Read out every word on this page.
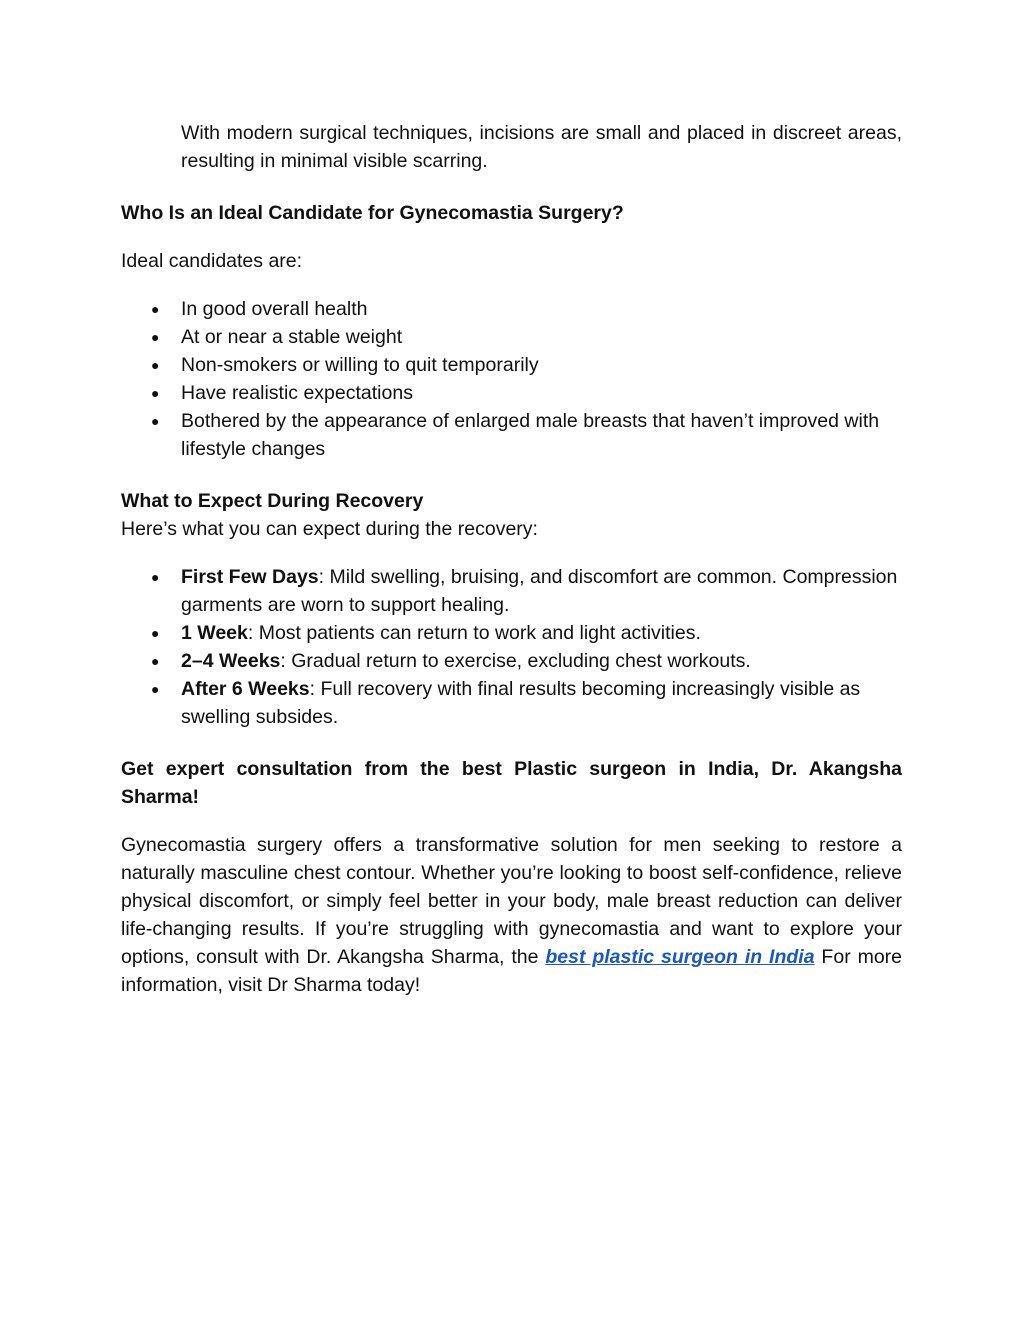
With modern surgical techniques, incisions are small and placed in discreet areas, resulting in minimal visible scarring.

Who Is an Ideal Candidate for Gynecomastia Surgery?

Ideal candidates are:

● In good overall health
● At or near a stable weight
● Non-smokers or willing to quit temporarily
● Have realistic expectations
● Bothered by the appearance of enlarged male breasts that haven’t improved with lifestyle changes

What to Expect During Recovery

Here’s what you can expect during the recovery:

● First Few Days: Mild swelling, bruising, and discomfort are common. Compression garments are worn to support healing.
● 1 Week: Most patients can return to work and light activities.
● 2–4 Weeks: Gradual return to exercise, excluding chest workouts.
● After 6 Weeks: Full recovery with final results becoming increasingly visible as swelling subsides.

Get expert consultation from the best Plastic surgeon in India, Dr. Akangsha Sharma!

Gynecomastia surgery offers a transformative solution for men seeking to restore a naturally masculine chest contour. Whether you’re looking to boost self-confidence, relieve physical discomfort, or simply feel better in your body, male breast reduction can deliver life-changing results. If you’re struggling with gynecomastia and want to explore your options, consult with Dr. Akangsha Sharma, the best plastic surgeon in India For more information, visit Dr Sharma today!
